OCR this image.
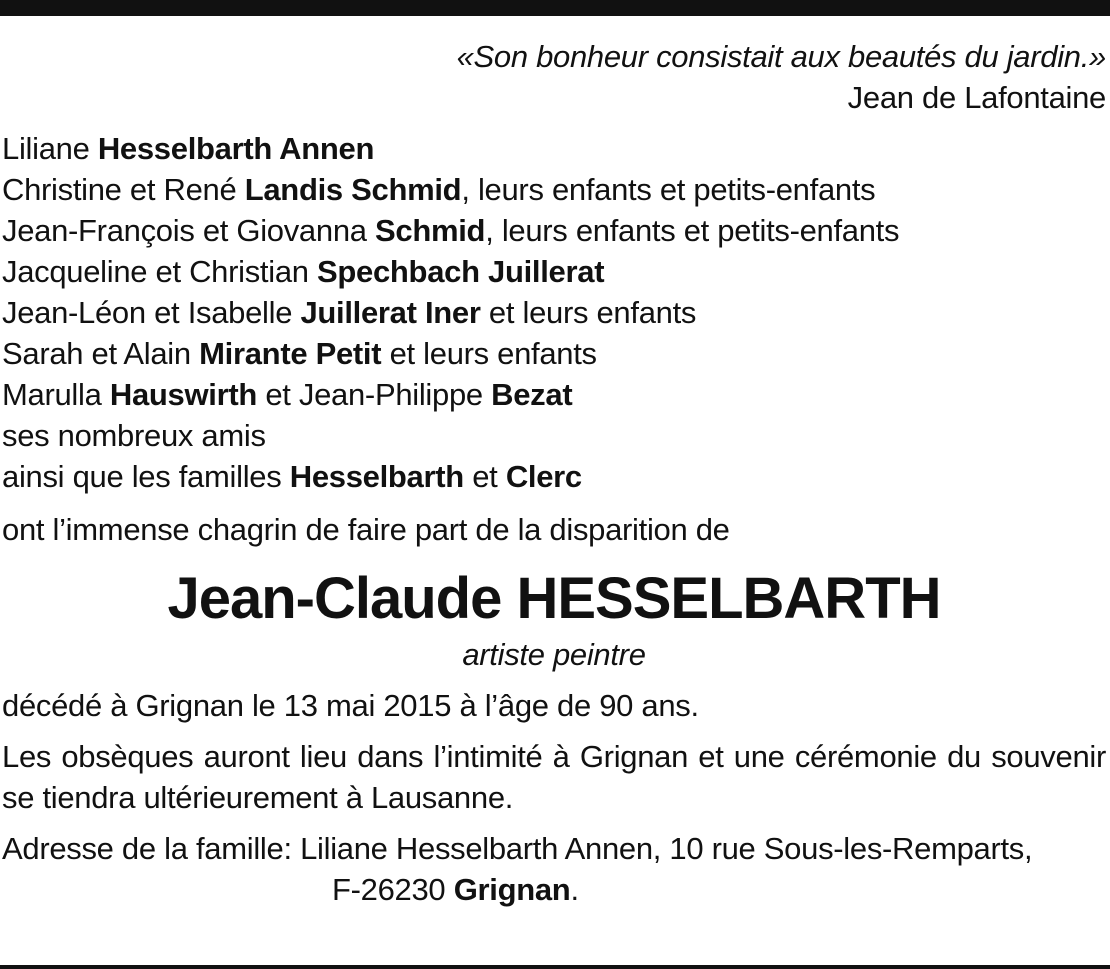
«Son bonheur consistait aux beautés du jardin.»
Jean de Lafontaine
Liliane Hesselbarth Annen
Christine et René Landis Schmid, leurs enfants et petits-enfants
Jean-François et Giovanna Schmid, leurs enfants et petits-enfants
Jacqueline et Christian Spechbach Juillerat
Jean-Léon et Isabelle Juillerat Iner et leurs enfants
Sarah et Alain Mirante Petit et leurs enfants
Marulla Hauswirth et Jean-Philippe Bezat
ses nombreux amis
ainsi que les familles Hesselbarth et Clerc
ont l’immense chagrin de faire part de la disparition de
Jean-Claude HESSELBARTH
artiste peintre
décédé à Grignan le 13 mai 2015 à l’âge de 90 ans.
Les obsèques auront lieu dans l’intimité à Grignan et une cérémonie du souvenir se tiendra ultérieurement à Lausanne.
Adresse de la famille: Liliane Hesselbarth Annen, 10 rue Sous-les-Remparts,
F-26230 Grignan.
